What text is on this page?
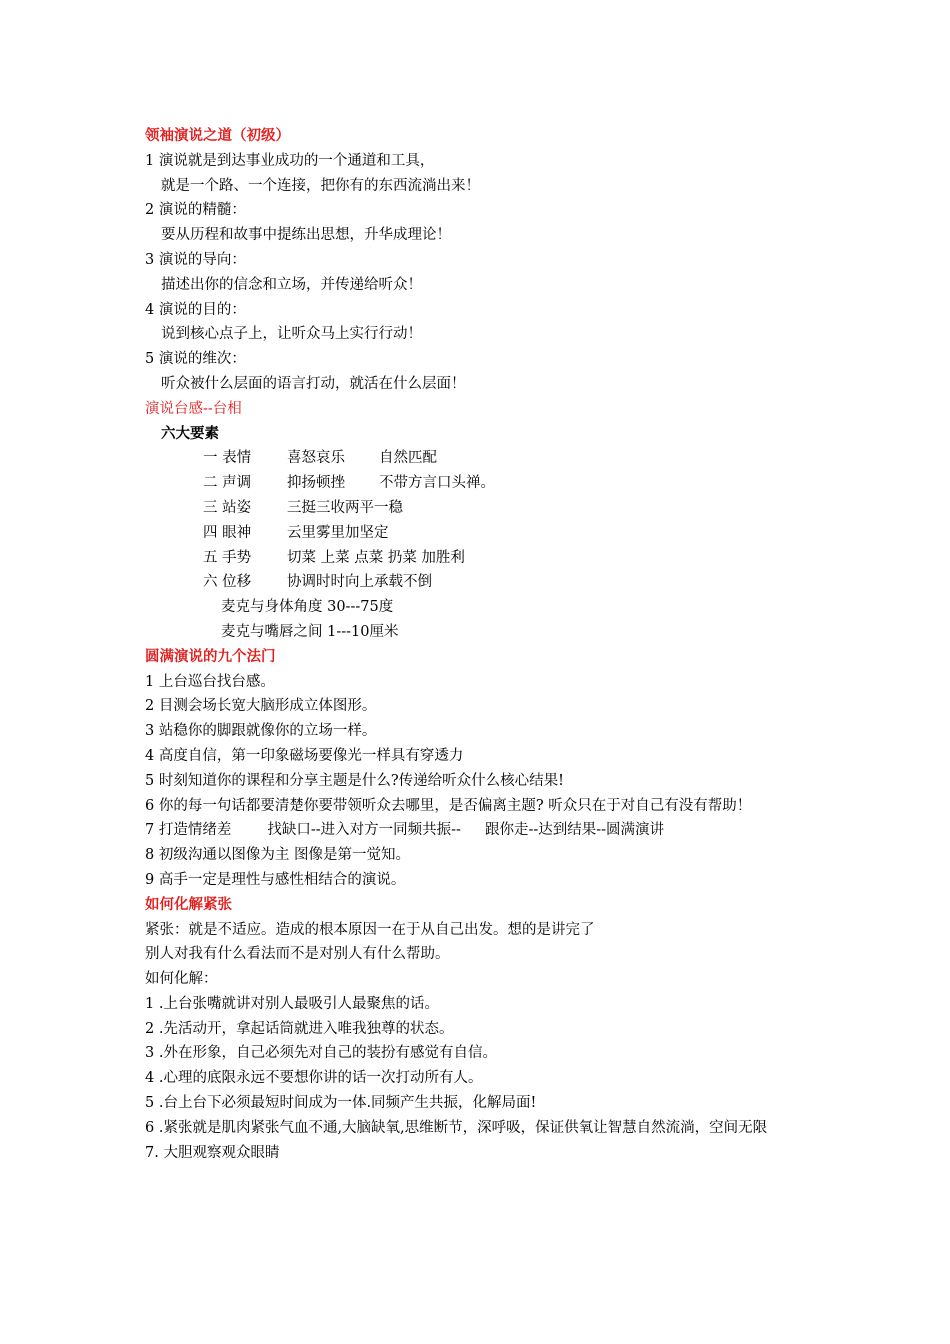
领袖演说之道（初级）
1 演说就是到达事业成功的一个通道和工具，
就是一个路、一个连接，把你有的东西流淌出来！
2 演说的精髓：
要从历程和故事中提练出思想，升华成理论！
3 演说的导向：
描述出你的信念和立场，并传递给听众！
4 演说的目的：
说到核心点子上，让听众马上实行行动！
5 演说的维次：
听众被什么层面的语言打动，就活在什么层面！
演说台感--台相
六大要素
一 表情 喜怒哀乐 自然匹配
二 声调 抑扬顿挫 不带方言口头禅。
三 站姿 三挺三收两平一稳
四 眼神 云里雾里加坚定
五 手势 切菜 上菜 点菜 扔菜 加胜利
六 位移 协调时时向上承载不倒
麦克与身体角度 30---75度
麦克与嘴唇之间 1---10厘米
圆满演说的九个法门
1 上台巡台找台感。
2 目测会场长宽大脑形成立体图形。
3 站稳你的脚跟就像你的立场一样。
4 高度自信，第一印象磁场要像光一样具有穿透力
5 时刻知道你的课程和分享主题是什么?传递给听众什么核心结果!
6 你的每一句话都要清楚你要带领听众去哪里，是否偏离主题? 听众只在于对自己有没有帮助！
7 打造情绪差 找缺口--进入对方一同频共振-- 跟你走--达到结果--圆满演讲
8 初级沟通以图像为主 图像是第一觉知。
9 高手一定是理性与感性相结合的演说。
如何化解紧张
紧张：就是不适应。造成的根本原因一在于从自己出发。想的是讲完了
别人对我有什么看法而不是对别人有什么帮助。
如何化解：
1 .上台张嘴就讲对别人最吸引人最聚焦的话。
2 .先活动开，拿起话筒就进入唯我独尊的状态。
3 .外在形象，自己必须先对自己的装扮有感觉有自信。
4 .心理的底限永远不要想你讲的话一次打动所有人。
5 .台上台下必须最短时间成为一体.同频产生共振，化解局面!
6 .紧张就是肌肉紧张气血不通,大脑缺氧,思维断节，深呼吸，保证供氧让智慧自然流淌，空间无限
7. 大胆观察观众眼睛
